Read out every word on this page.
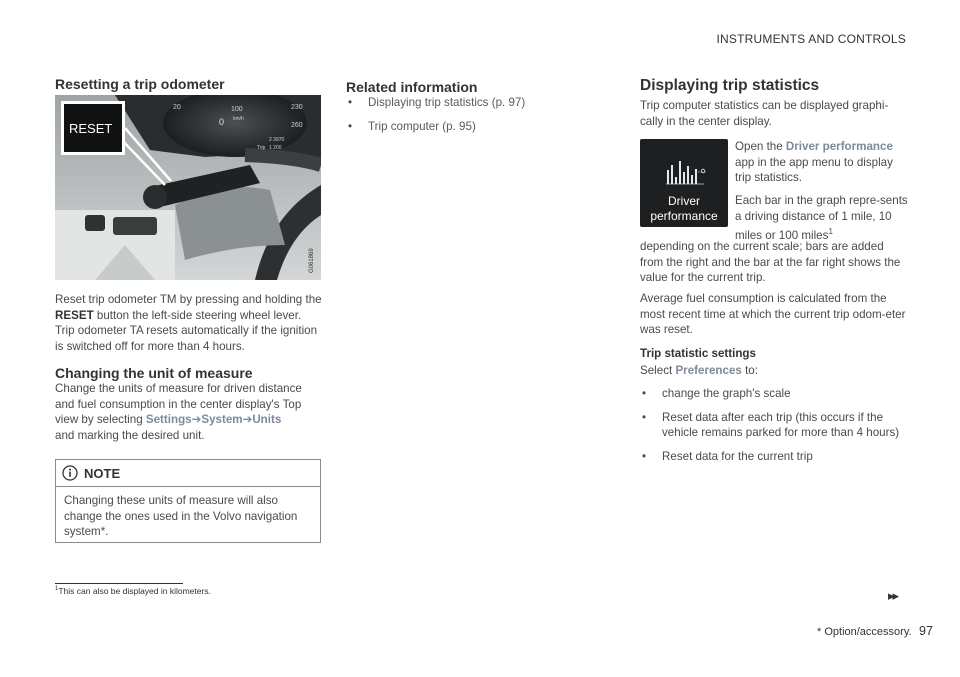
INSTRUMENTS AND CONTROLS
Resetting a trip odometer
20
0
100	230
260
km/h
Trip 1 200
2 3970
RESET
G061869

Reset trip odometer TM by pressing and holding the RESET button the left-side steering wheel lever. Trip odometer TA resets automatically if the ignition is switched off for more than 4 hours.

Changing the unit of measure

Change the units of measure for driven distance and fuel consumption in the center display's Top view by selecting Settings➔System➔Units
and marking the desired unit.

NOTE

Changing these units of measure will also change the ones used in the Volvo navigation system*.

Related information
• Displaying trip statistics (p. 97)
• Trip computer (p. 95)
Displaying trip statistics

Trip computer statistics can be displayed graphi-cally in the center display.

Driver
performance

Open the Driver performance app in the app menu to display trip statistics.

Each bar in the graph repre-sents a driving distance of 1 mile, 10 miles or 100 miles$^1$

depending on the current scale; bars are added from the right and the bar at the far right shows the value for the current trip.

Average fuel consumption is calculated from the most recent time at which the current trip odom-eter was reset.

Trip statistic settings

Select Preferences to:

• change the graph's scale
• Reset data after each trip (this occurs if the vehicle remains parked for more than 4 hours)
• Reset data for the current trip
$^1$This can also be displayed in kilometers.	▸▸
* Option/accessory. 97
